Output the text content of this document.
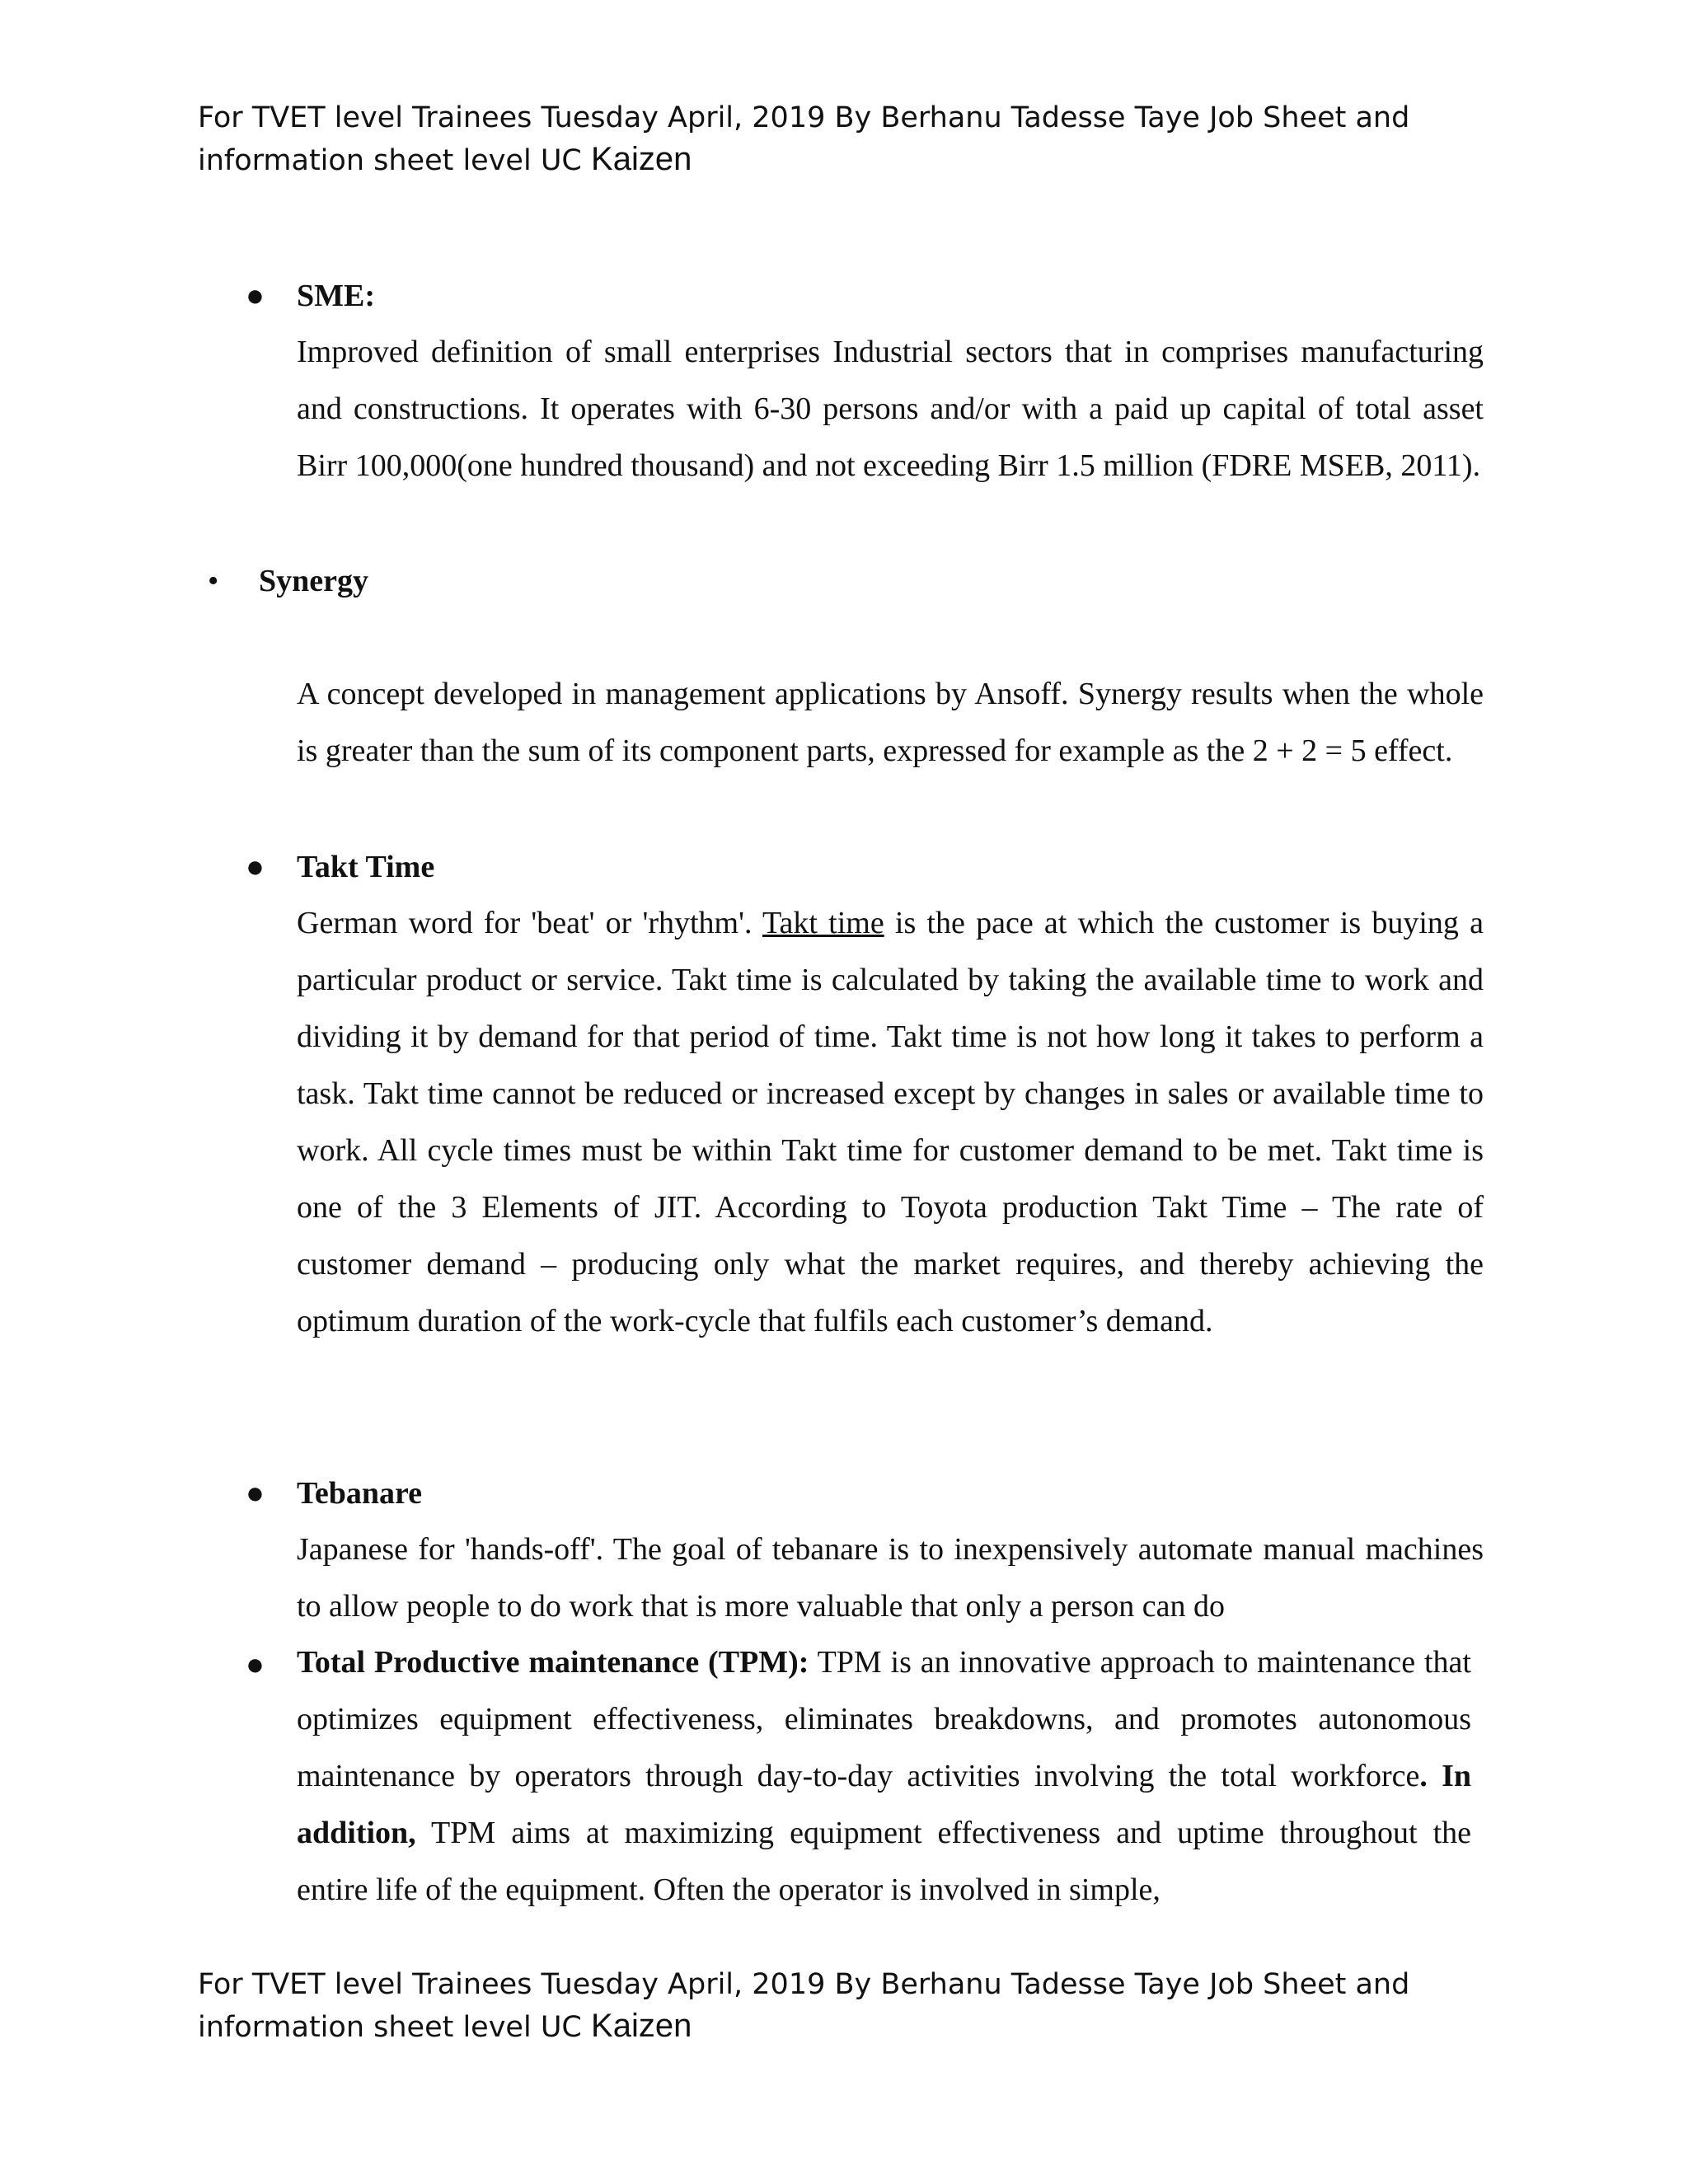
For TVET level Trainees Tuesday April, 2019 By Berhanu Tadesse Taye Job Sheet and
information sheet level UC Kaizen
● SME:
Improved definition of small enterprises Industrial sectors that in comprises manufacturing and constructions. It operates with 6-30 persons and/or with a paid up capital of total asset Birr 100,000(one hundred thousand) and not exceeding Birr 1.5 million (FDRE MSEB, 2011).
• Synergy
A concept developed in management applications by Ansoff. Synergy results when the whole is greater than the sum of its component parts, expressed for example as the 2 + 2 = 5 effect.
● Takt Time
German word for 'beat' or 'rhythm'. Takt time is the pace at which the customer is buying a particular product or service. Takt time is calculated by taking the available time to work and dividing it by demand for that period of time. Takt time is not how long it takes to perform a task. Takt time cannot be reduced or increased except by changes in sales or available time to work. All cycle times must be within Takt time for customer demand to be met. Takt time is one of the 3 Elements of JIT. According to Toyota production Takt Time – The rate of customer demand – producing only what the market requires, and thereby achieving the optimum duration of the work-cycle that fulfils each customer’s demand.
● Tebanare
Japanese for 'hands-off'. The goal of tebanare is to inexpensively automate manual machines to allow people to do work that is more valuable that only a person can do
● Total Productive maintenance (TPM): TPM is an innovative approach to maintenance that optimizes equipment effectiveness, eliminates breakdowns, and promotes autonomous maintenance by operators through day-to-day activities involving the total workforce. In addition, TPM aims at maximizing equipment effectiveness and uptime throughout the entire life of the equipment. Often the operator is involved in simple,
For TVET level Trainees Tuesday April, 2019 By Berhanu Tadesse Taye Job Sheet and
information sheet level UC Kaizen
